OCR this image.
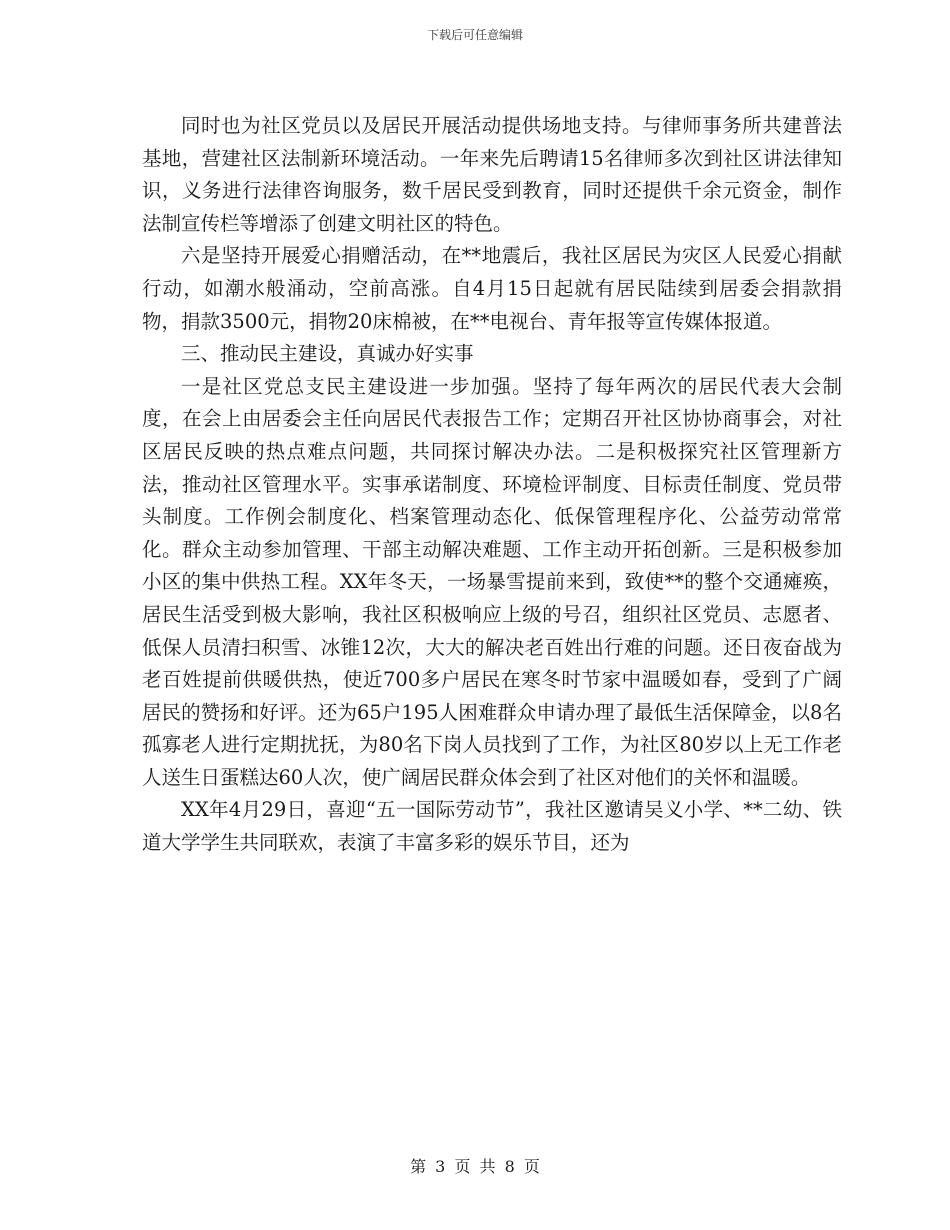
下载后可任意编辑

同时也为社区党员以及居民开展活动提供场地支持。与律师事务所共建普法基地，营建社区法制新环境活动。一年来先后聘请15名律师多次到社区讲法律知识，义务进行法律咨询服务，数千居民受到教育，同时还提供千余元资金，制作法制宣传栏等增添了创建文明社区的特色。

六是坚持开展爱心捐赠活动，在**地震后，我社区居民为灾区人民爱心捐献行动，如潮水般涌动，空前高涨。自4月15日起就有居民陆续到居委会捐款捐物，捐款3500元，捐物20床棉被，在**电视台、青年报等宣传媒体报道。

三、推动民主建设，真诚办好实事

一是社区党总支民主建设进一步加强。坚持了每年两次的居民代表大会制度，在会上由居委会主任向居民代表报告工作；定期召开社区协协商事会，对社区居民反映的热点难点问题，共同探讨解决办法。二是积极探究社区管理新方法，推动社区管理水平。实事承诺制度、环境检评制度、目标责任制度、党员带头制度。工作例会制度化、档案管理动态化、低保管理程序化、公益劳动常常化。群众主动参加管理、干部主动解决难题、工作主动开拓创新。三是积极参加小区的集中供热工程。XX年冬天，一场暴雪提前来到，致使**的整个交通瘫痪，居民生活受到极大影响，我社区积极响应上级的号召，组织社区党员、志愿者、低保人员清扫积雪、冰锥12次，大大的解决老百姓出行难的问题。还日夜奋战为老百姓提前供暖供热，使近700多户居民在寒冬时节家中温暖如春，受到了广阔居民的赞扬和好评。还为65户195人困难群众申请办理了最低生活保障金，以8名孤寡老人进行定期扰抚，为80名下岗人员找到了工作，为社区80岁以上无工作老人送生日蛋糕达60人次，使广阔居民群众体会到了社区对他们的关怀和温暖。

XX年4月29日，喜迎“五一国际劳动节”，我社区邀请吴义小学、**二幼、铁道大学学生共同联欢，表演了丰富多彩的娱乐节目，还为

第 3 页 共 8 页
